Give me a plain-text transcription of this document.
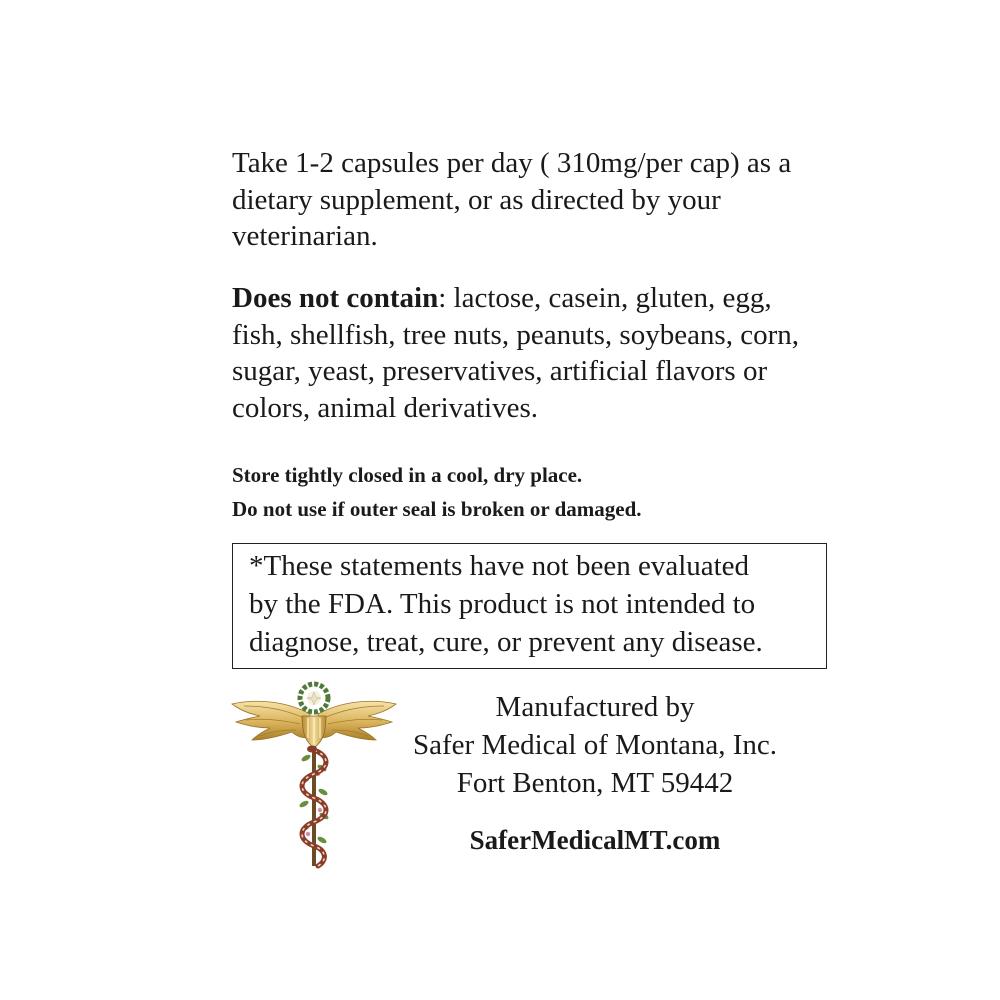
Take 1-2 capsules per day ( 310mg/per cap) as a
dietary supplement, or as directed by your
veterinarian.

Does not contain: lactose, casein, gluten, egg,
fish, shellfish, tree nuts, peanuts, soybeans, corn,
sugar, yeast, preservatives, artificial flavors or
colors, animal derivatives.

Store tightly closed in a cool, dry place.
Do not use if outer seal is broken or damaged.

*These statements have not been evaluated
by the FDA. This product is not intended to
diagnose, treat, cure, or prevent any disease.
Manufactured by
Safer Medical of Montana, Inc.
Fort Benton, MT 59442
SaferMedicalMT.com
